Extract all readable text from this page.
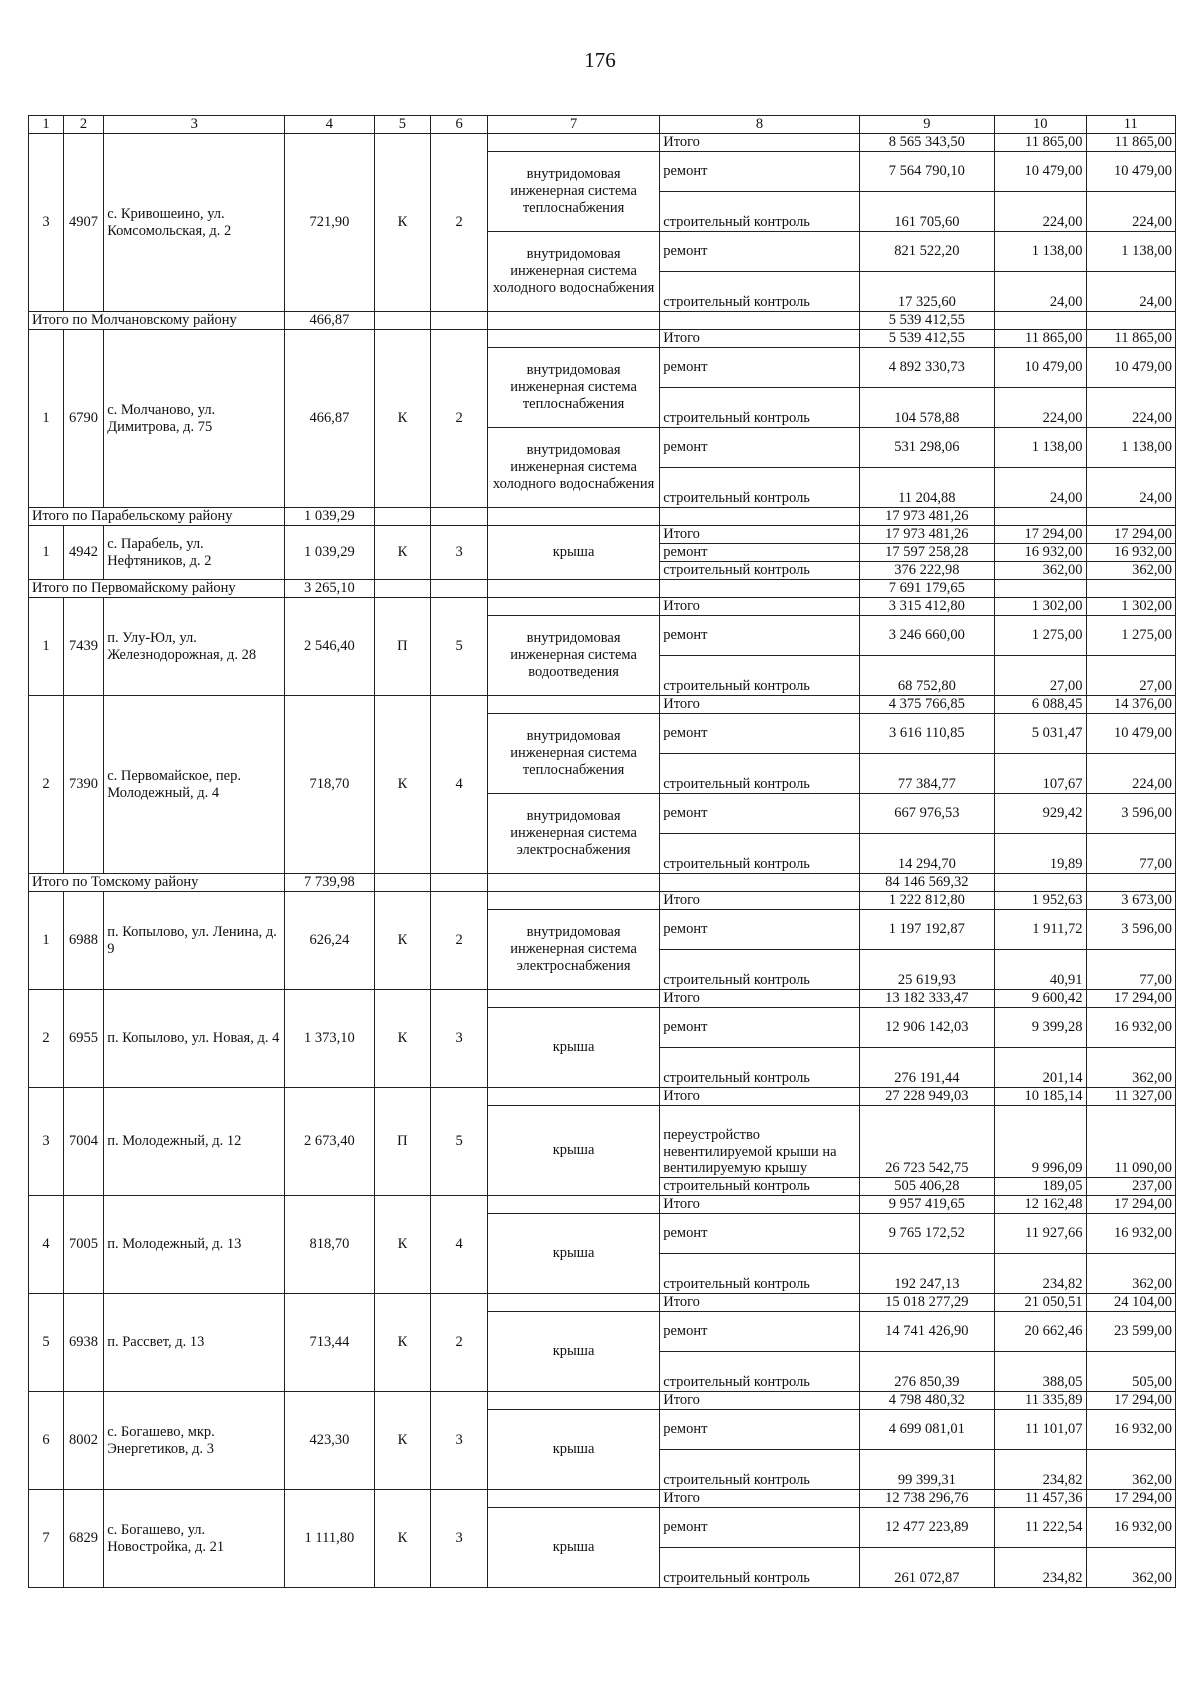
176
1	2	3	4	5	6	7	8	9	10	11
3	4907	с. Кривошеино, ул. Комсомольская, д. 2	721,90	К	2		Итого	8 565 343,50	11 865,00	11 865,00
						внутридомовая инженерная система теплоснабжения	ремонт	7 564 790,10	10 479,00	10 479,00
							строительный контроль	161 705,60	224,00	224,00
						внутридомовая инженерная система холодного водоснабжения	ремонт	821 522,20	1 138,00	1 138,00
							строительный контроль	17 325,60	24,00	24,00
Итого по Молчановскому району			466,87					5 539 412,55		
1	6790	с. Молчаново, ул. Димитрова, д. 75	466,87	К	2		Итого	5 539 412,55	11 865,00	11 865,00
						внутридомовая инженерная система теплоснабжения	ремонт	4 892 330,73	10 479,00	10 479,00
							строительный контроль	104 578,88	224,00	224,00
						внутридомовая инженерная система холодного водоснабжения	ремонт	531 298,06	1 138,00	1 138,00
							строительный контроль	11 204,88	24,00	24,00
Итого по Парабельскому району			1 039,29					17 973 481,26		
1	4942	с. Парабель, ул. Нефтяников, д. 2	1 039,29	К	3	крыша	Итого	17 973 481,26	17 294,00	17 294,00
							ремонт	17 597 258,28	16 932,00	16 932,00
							строительный контроль	376 222,98	362,00	362,00
Итого по Первомайскому району			3 265,10					7 691 179,65		
1	7439	п. Улу-Юл, ул. Железнодорожная, д. 28	2 546,40	П	5		Итого	3 315 412,80	1 302,00	1 302,00
						внутридомовая инженерная система водоотведения	ремонт	3 246 660,00	1 275,00	1 275,00
							строительный контроль	68 752,80	27,00	27,00
2	7390	с. Первомайское, пер. Молодежный, д. 4	718,70	К	4		Итого	4 375 766,85	6 088,45	14 376,00
						внутридомовая инженерная система теплоснабжения	ремонт	3 616 110,85	5 031,47	10 479,00
							строительный контроль	77 384,77	107,67	224,00
						внутридомовая инженерная система электроснабжения	ремонт	667 976,53	929,42	3 596,00
							строительный контроль	14 294,70	19,89	77,00
Итого по Томскому району			7 739,98					84 146 569,32		
1	6988	п. Копылово, ул. Ленина, д. 9	626,24	К	2		Итого	1 222 812,80	1 952,63	3 673,00
						внутридомовая инженерная система электроснабжения	ремонт	1 197 192,87	1 911,72	3 596,00
							строительный контроль	25 619,93	40,91	77,00
2	6955	п. Копылово, ул. Новая, д. 4	1 373,10	К	3		Итого	13 182 333,47	9 600,42	17 294,00
						крыша	ремонт	12 906 142,03	9 399,28	16 932,00
							строительный контроль	276 191,44	201,14	362,00
3	7004	п. Молодежный, д. 12	2 673,40	П	5		Итого	27 228 949,03	10 185,14	11 327,00
						крыша	переустройство невентилируемой крыши на вентилируемую крышу	26 723 542,75	9 996,09	11 090,00
							строительный контроль	505 406,28	189,05	237,00
4	7005	п. Молодежный, д. 13	818,70	К	4		Итого	9 957 419,65	12 162,48	17 294,00
						крыша	ремонт	9 765 172,52	11 927,66	16 932,00
							строительный контроль	192 247,13	234,82	362,00
5	6938	п. Рассвет, д. 13	713,44	К	2		Итого	15 018 277,29	21 050,51	24 104,00
						крыша	ремонт	14 741 426,90	20 662,46	23 599,00
							строительный контроль	276 850,39	388,05	505,00
6	8002	с. Богашево, мкр. Энергетиков, д. 3	423,30	К	3		Итого	4 798 480,32	11 335,89	17 294,00
						крыша	ремонт	4 699 081,01	11 101,07	16 932,00
							строительный контроль	99 399,31	234,82	362,00
7	6829	с. Богашево, ул. Новостройка, д. 21	1 111,80	К	3		Итого	12 738 296,76	11 457,36	17 294,00
						крыша	ремонт	12 477 223,89	11 222,54	16 932,00
							строительный контроль	261 072,87	234,82	362,00
